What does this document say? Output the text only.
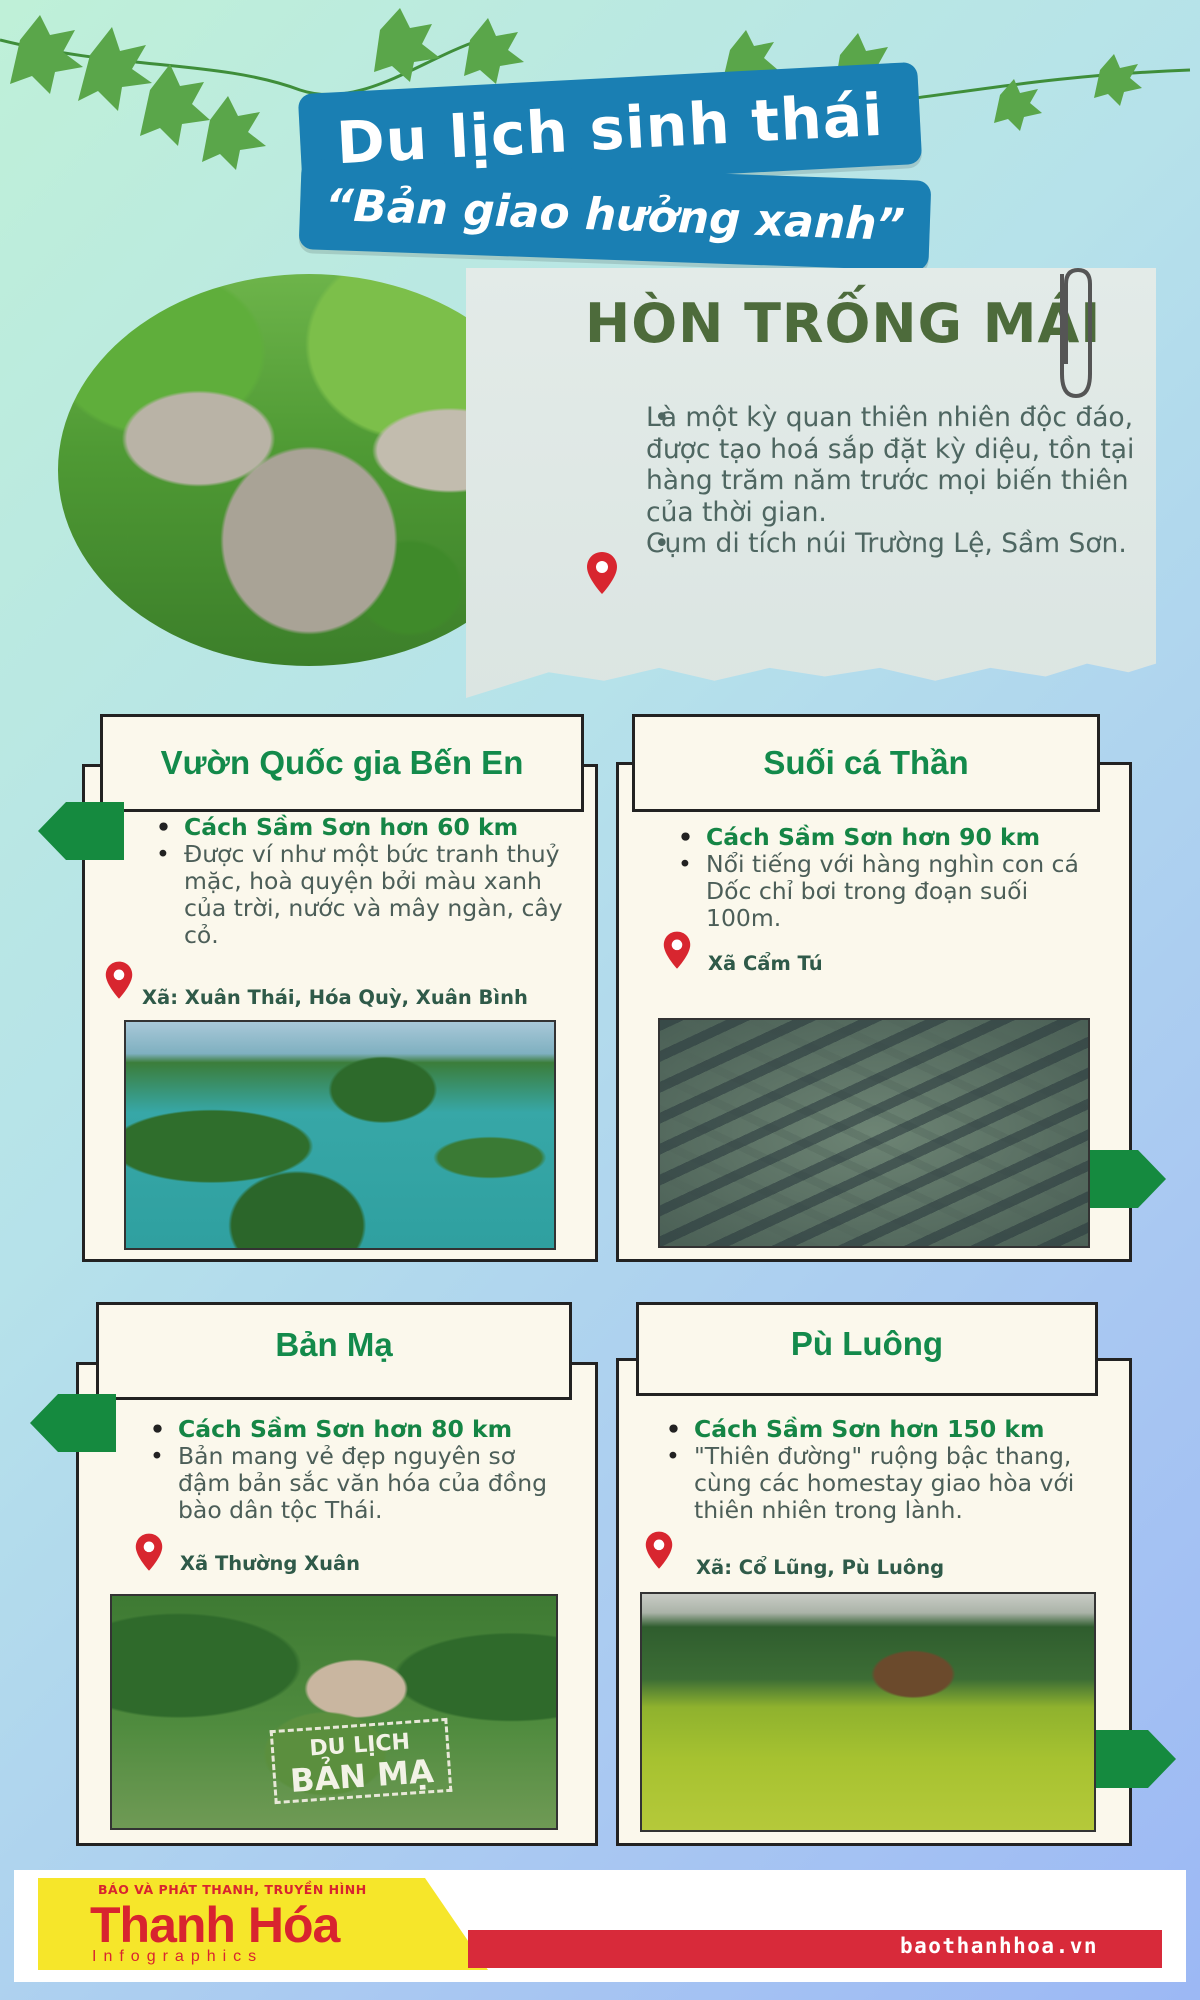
Du lịch sinh thái
“Bản giao hưởng xanh”
HÒN TRỐNG MÁI
• Là một kỳ quan thiên nhiên độc đáo, được tạo hoá sắp đặt kỳ diệu, tồn tại hàng trăm năm trước mọi biến thiên của thời gian.
• Cụm di tích núi Trường Lệ, Sầm Sơn.
Vườn Quốc gia Bến En
• Cách Sầm Sơn hơn 60 km
• Được ví như một bức tranh thuỷ mặc, hoà quyện bởi màu xanh của trời, nước và mây ngàn, cây cỏ.
Xã: Xuân Thái, Hóa Quỳ, Xuân Bình
Suối cá Thần
• Cách Sầm Sơn hơn 90 km
• Nổi tiếng với hàng nghìn con cá Dốc chỉ bơi trong đoạn suối 100m.
Xã Cẩm Tú
Bản Mạ
• Cách Sầm Sơn hơn 80 km
• Bản mang vẻ đẹp nguyên sơ đậm bản sắc văn hóa của đồng bào dân tộc Thái.
Xã Thường Xuân
DU LỊCH
BẢN MẠ
Pù Luông
• Cách Sầm Sơn hơn 150 km
• "Thiên đường" ruộng bậc thang, cùng các homestay giao hòa với thiên nhiên trong lành.
Xã: Cổ Lũng, Pù Luông
BÁO VÀ PHÁT THANH, TRUYỀN HÌNH
Thanh Hóa
Infographics	baothanhhoa.vn
